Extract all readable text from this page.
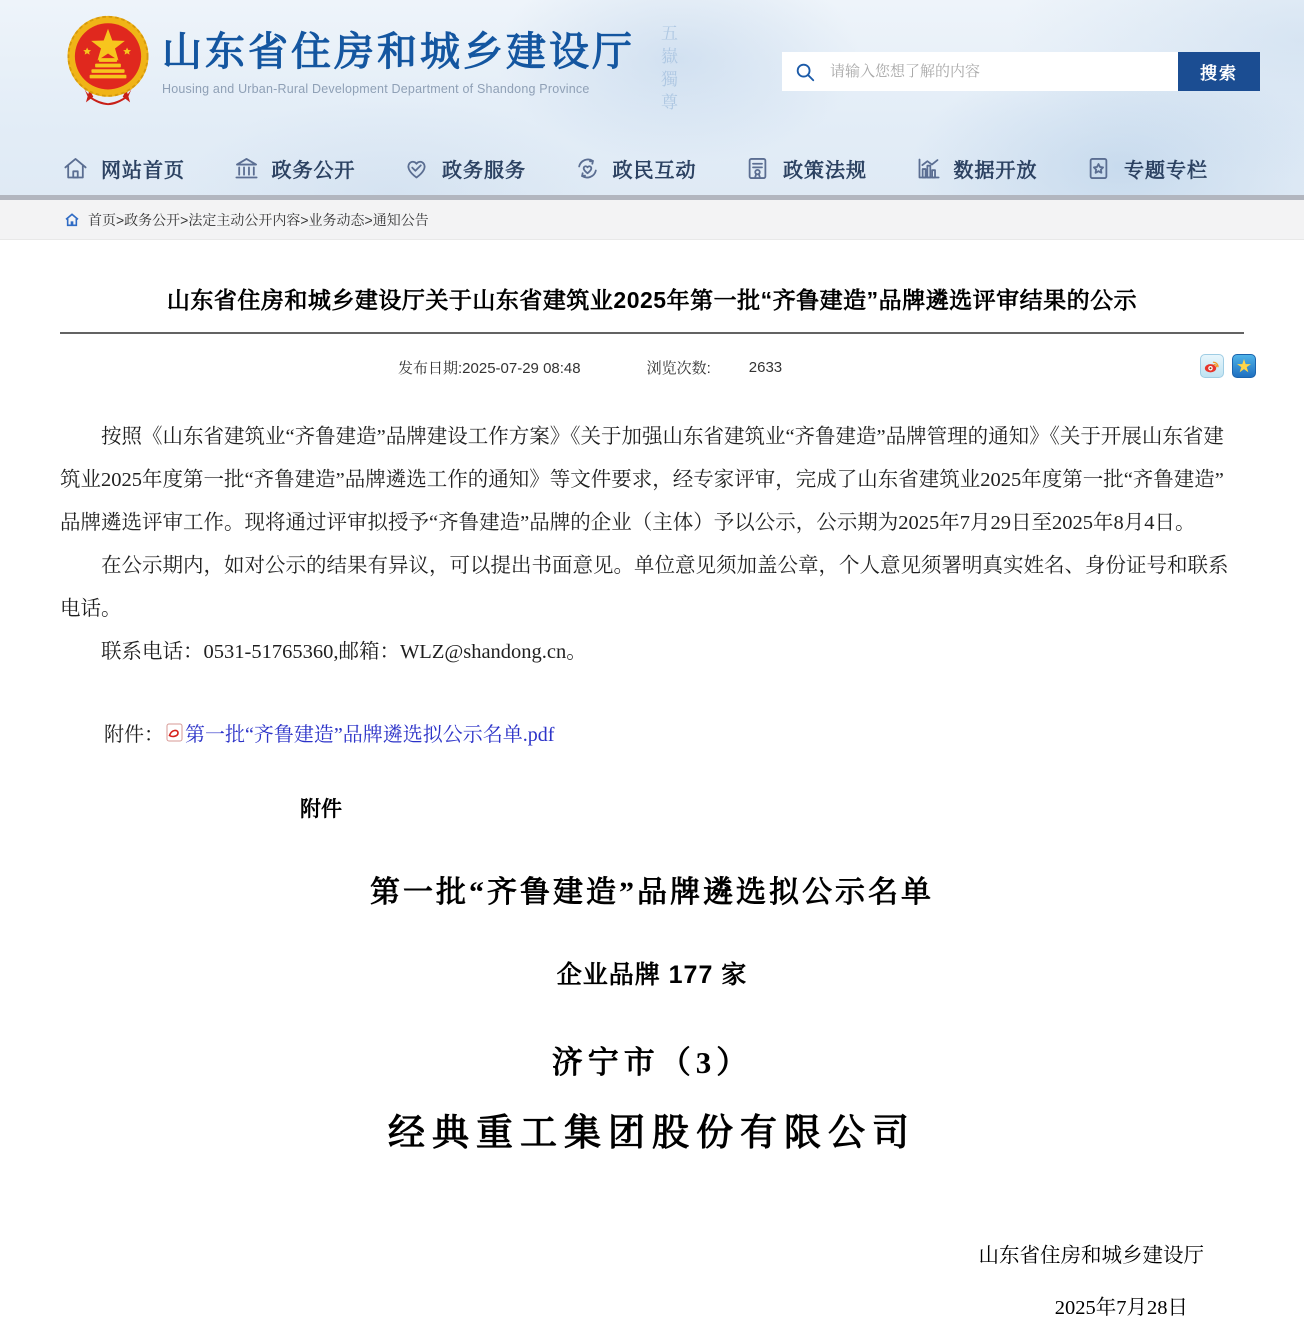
山东省住房和城乡建设厅
Housing and Urban-Rural Development Department of Shandong Province	五嶽獨尊
请输入您想了解的内容	搜索
网站首页	政务公开	政务服务	政民互动	政策法规	数据开放	专题专栏
首页>政务公开>法定主动公开内容>业务动态>通知公告
山东省住房和城乡建设厅关于山东省建筑业2025年第一批“齐鲁建造”品牌遴选评审结果的公示
发布日期:2025-07-29 08:48	浏览次数:	2633	★

按照《山东省建筑业“齐鲁建造”品牌建设工作方案》《关于加强山东省建筑业“齐鲁建造”品牌管理的通知》《关于开展山东省建筑业2025年度第一批“齐鲁建造”品牌遴选工作的通知》等文件要求，经专家评审，完成了山东省建筑业2025年度第一批“齐鲁建造”品牌遴选评审工作。现将通过评审拟授予“齐鲁建造”品牌的企业（主体）予以公示，公示期为2025年7月29日至2025年8月4日。

在公示期内，如对公示的结果有异议，可以提出书面意见。单位意见须加盖公章，个人意见须署明真实姓名、身份证号和联系电话。

联系电话：0531-51765360,邮箱：WLZ@shandong.cn。

附件： 第一批“齐鲁建造”品牌遴选拟公示名单.pdf
附件
第一批“齐鲁建造”品牌遴选拟公示名单
企业品牌 177 家
济宁市（3）
经典重工集团股份有限公司
山东省住房和城乡建设厅
2025年7月28日
